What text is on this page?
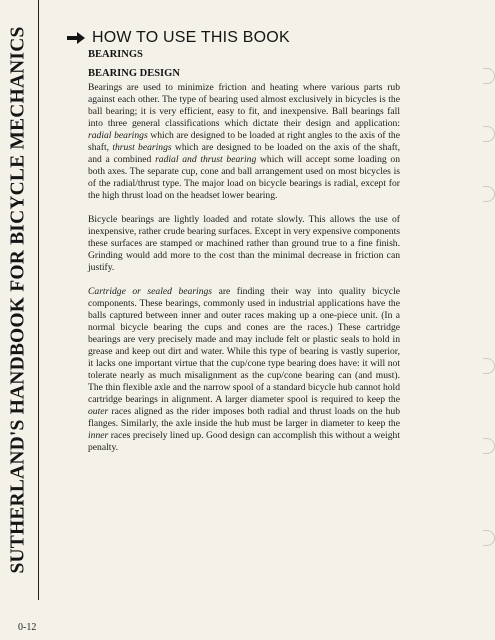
SUTHERLAND'S HANDBOOK FOR BICYCLE MECHANICS	HOW TO USE THIS BOOK
BEARINGS
BEARING DESIGN

Bearings are used to minimize friction and heating where various parts rub against each other. The type of bearing used almost exclusively in bicycles is the ball bearing; it is very efficient, easy to fit, and inexpensive. Ball bearings fall into three general classifications which dictate their design and application: radial bearings which are designed to be loaded at right angles to the axis of the shaft, thrust bearings which are designed to be loaded on the axis of the shaft, and a combined radial and thrust bearing which will accept some loading on both axes. The separate cup, cone and ball arrangement used on most bicycles is of the radial/thrust type. The major load on bicycle bearings is radial, except for the high thrust load on the headset lower bearing.

Bicycle bearings are lightly loaded and rotate slowly. This allows the use of inexpensive, rather crude bearing surfaces. Except in very expensive components these surfaces are stamped or machined rather than ground true to a fine finish. Grinding would add more to the cost than the minimal decrease in friction can justify.

Cartridge or sealed bearings are finding their way into quality bicycle components. These bearings, commonly used in industrial applications have the balls captured between inner and outer races making up a one-piece unit. (In a normal bicycle bearing the cups and cones are the races.) These cartridge bearings are very precisely made and may include felt or plastic seals to hold in grease and keep out dirt and water. While this type of bearing is vastly superior, it lacks one important virtue that the cup/cone type bearing does have: it will not tolerate nearly as much misalignment as the cup/cone bearing can (and must). The thin flexible axle and the narrow spool of a standard bicycle hub cannot hold cartridge bearings in alignment. A larger diameter spool is required to keep the outer races aligned as the rider imposes both radial and thrust loads on the hub flanges. Similarly, the axle inside the hub must be larger in diameter to keep the inner races precisely lined up. Good design can accomplish this without a weight penalty.

0-12
